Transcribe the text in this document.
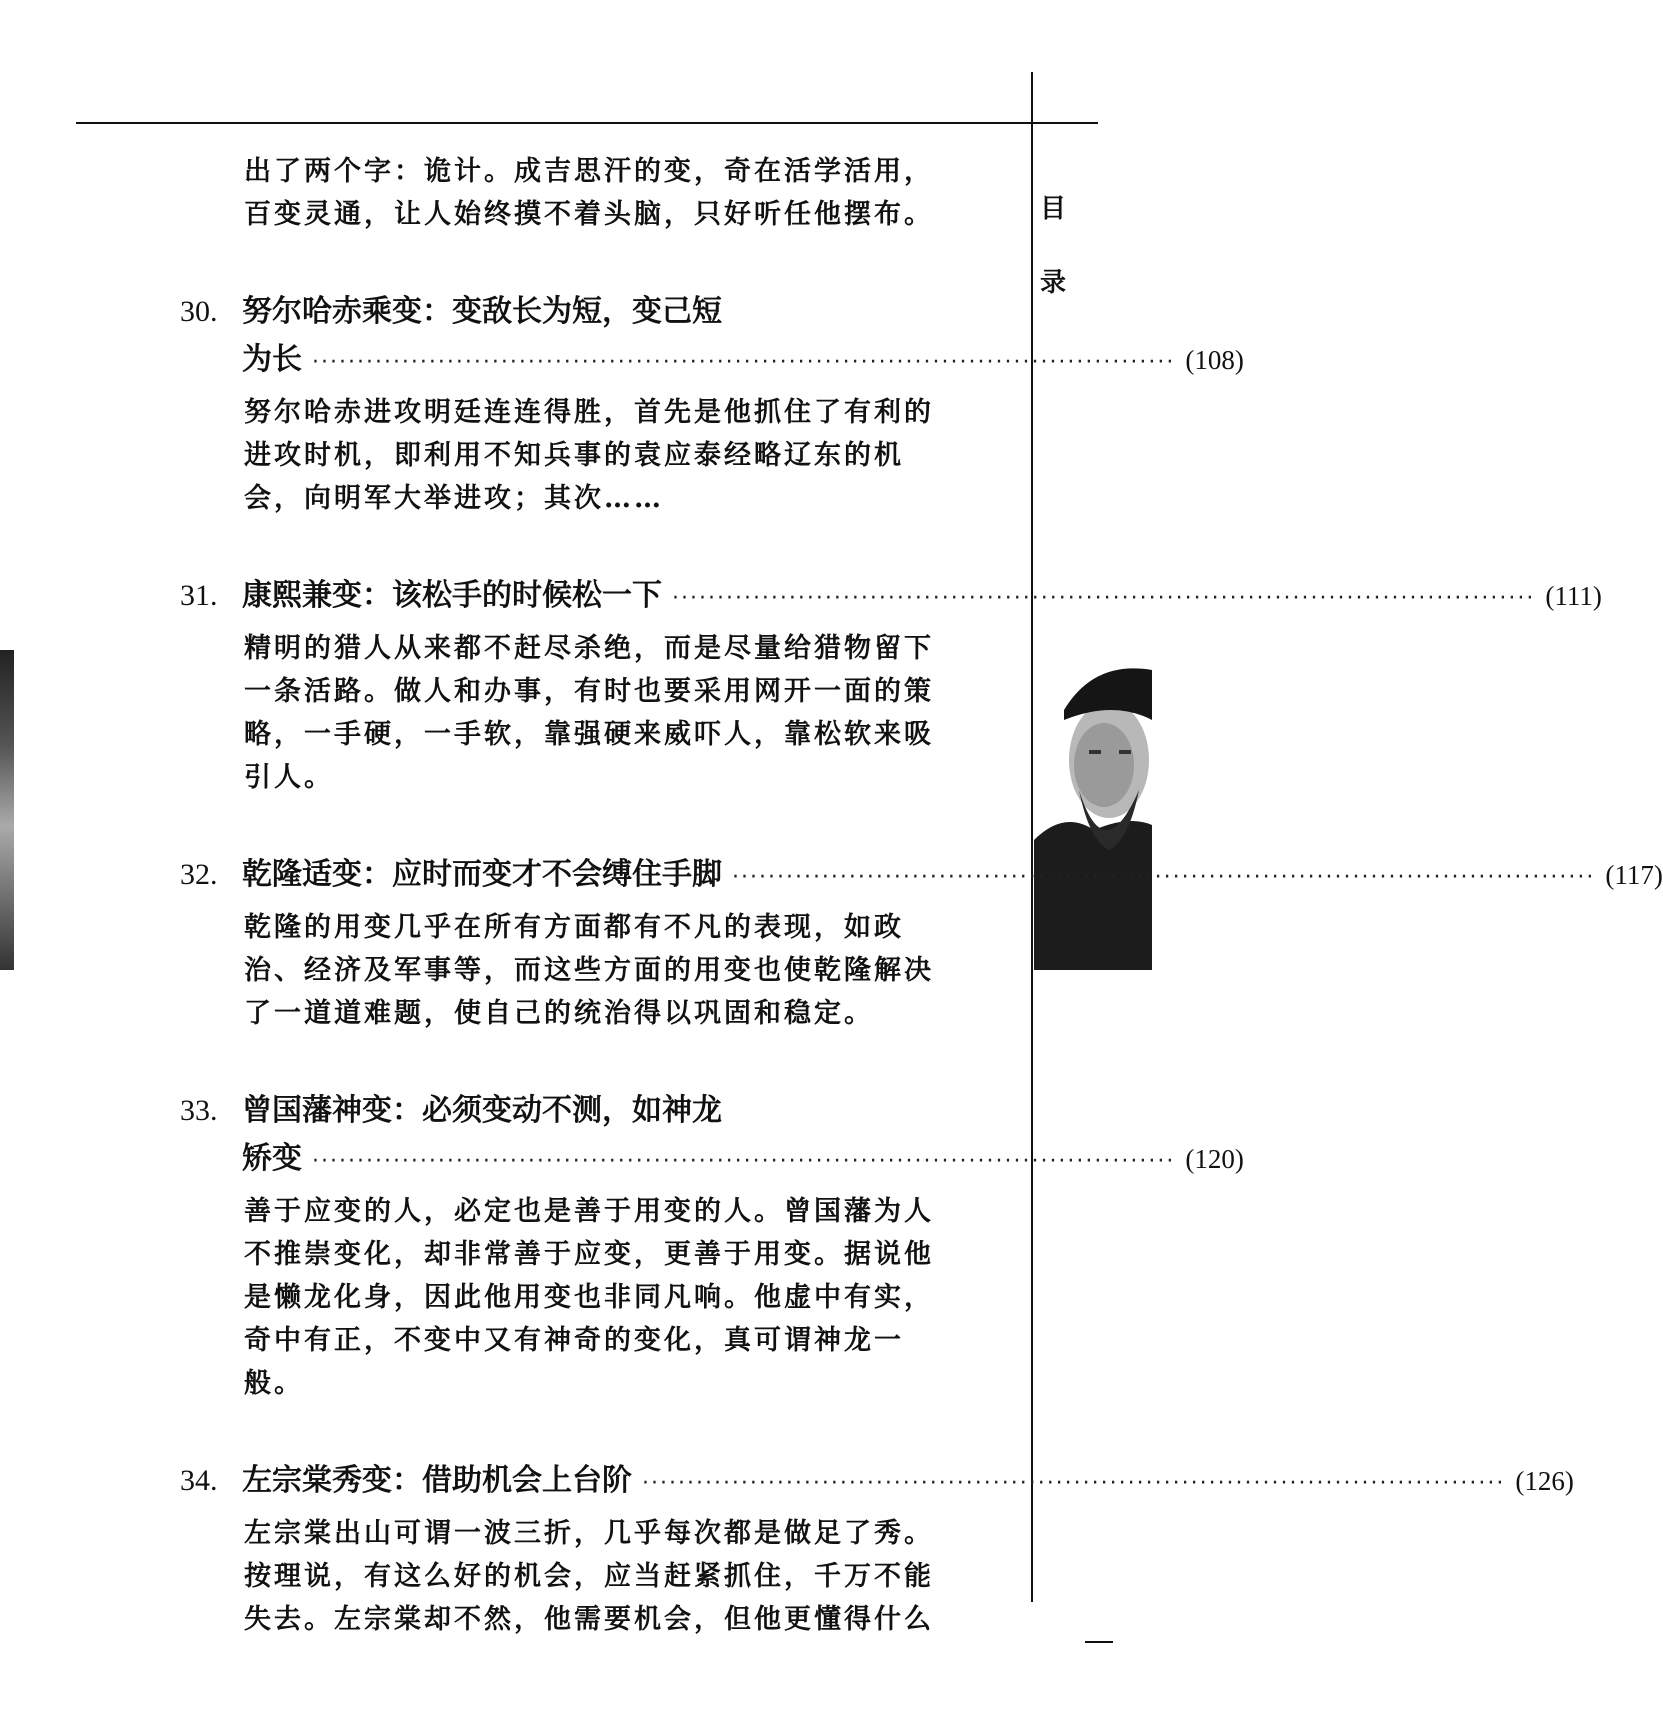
目
录
出了两个字：诡计。成吉思汗的变，奇在活学活用，
百变灵通，让人始终摸不着头脑，只好听任他摆布。
30. 努尔哈赤乘变：变敌长为短，变己短
为长 ·····	(108)
努尔哈赤进攻明廷连连得胜，首先是他抓住了有利的
进攻时机，即利用不知兵事的袁应泰经略辽东的机
会，向明军大举进攻；其次……
31. 康熙兼变：该松手的时候松一下 ·····	(111)
精明的猎人从来都不赶尽杀绝，而是尽量给猎物留下
一条活路。做人和办事，有时也要采用网开一面的策
略，一手硬，一手软，靠强硬来威吓人，靠松软来吸
引人。
32. 乾隆适变：应时而变才不会缚住手脚 ·····	(117)
乾隆的用变几乎在所有方面都有不凡的表现，如政
治、经济及军事等，而这些方面的用变也使乾隆解决
了一道道难题，使自己的统治得以巩固和稳定。
33. 曾国藩神变：必须变动不测，如神龙
矫变 ·····	(120)
善于应变的人，必定也是善于用变的人。曾国藩为人
不推崇变化，却非常善于应变，更善于用变。据说他
是懒龙化身，因此他用变也非同凡响。他虚中有实，
奇中有正，不变中又有神奇的变化，真可谓神龙一
般。
34. 左宗棠秀变：借助机会上台阶 ·····	(126)
左宗棠出山可谓一波三折，几乎每次都是做足了秀。
按理说，有这么好的机会，应当赶紧抓住，千万不能
失去。左宗棠却不然，他需要机会，但他更懂得什么
